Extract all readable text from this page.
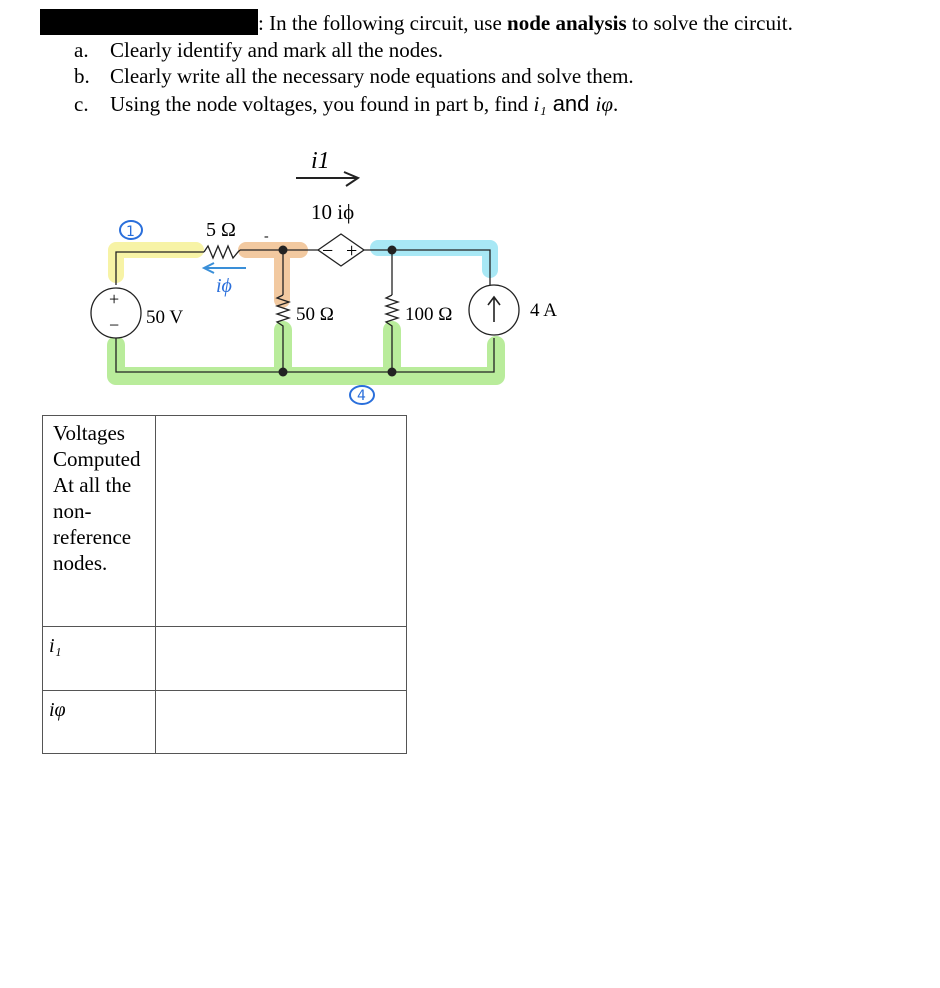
: In the following circuit, use node analysis to solve the circuit.
a. Clearly identify and mark all the nodes.
b. Clearly write all the necessary node equations and solve them.
c. Using the node voltages, you found in part b, find i₁ and iφ.
− +
+
−
i1
10 iϕ
5 Ω -
iϕ
50 V	50 Ω	100 Ω	4 A
1
4
Voltages Computed At all the non-reference nodes.	

i₁	

iφ	
